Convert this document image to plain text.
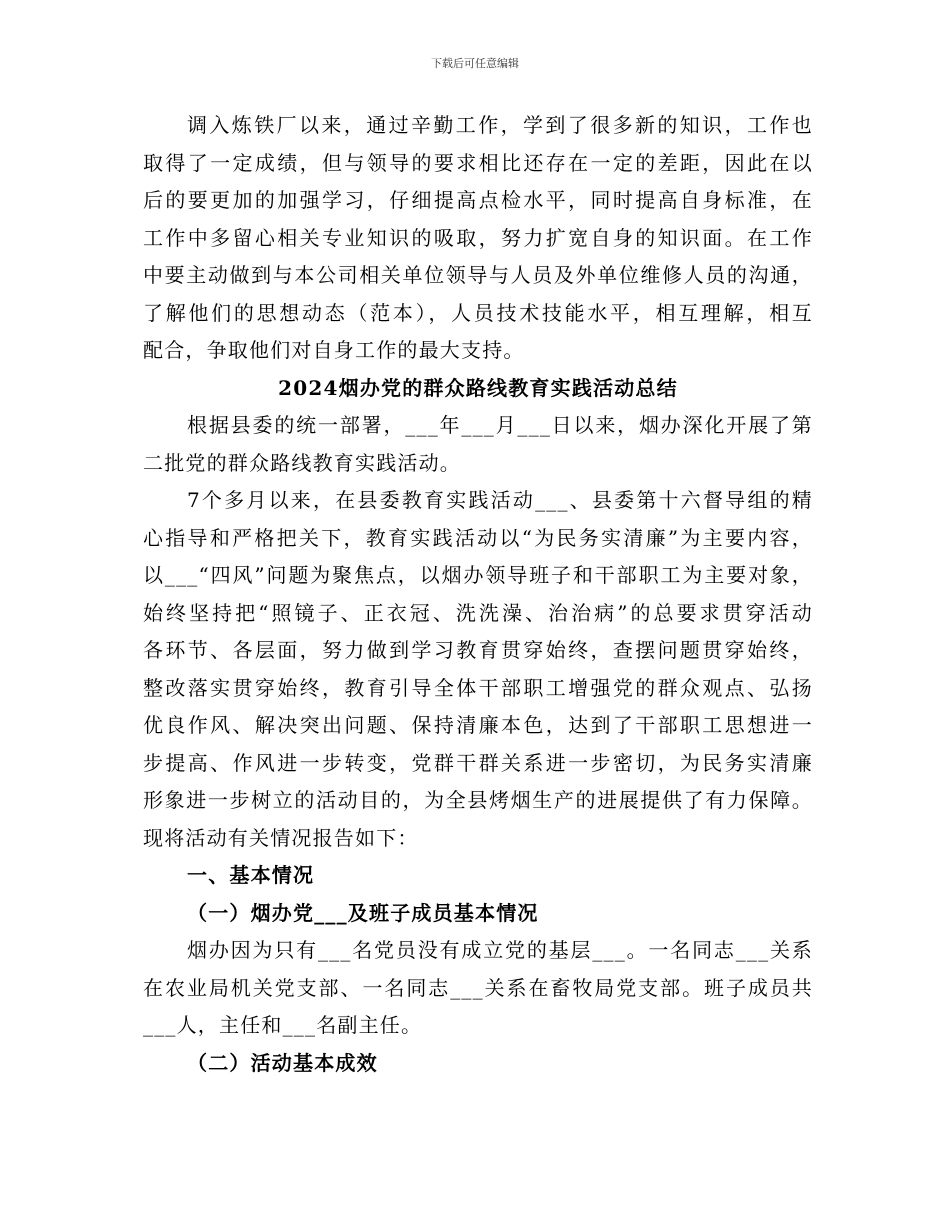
下载后可任意编辑
调入炼铁厂以来，通过辛勤工作，学到了很多新的知识，工作也
取得了一定成绩，但与领导的要求相比还存在一定的差距，因此在以
后的要更加的加强学习，仔细提高点检水平，同时提高自身标准，在
工作中多留心相关专业知识的吸取，努力扩宽自身的知识面。在工作
中要主动做到与本公司相关单位领导与人员及外单位维修人员的沟通，
了解他们的思想动态（范本），人员技术技能水平，相互理解，相互
配合，争取他们对自身工作的最大支持。
2024烟办党的群众路线教育实践活动总结
根据县委的统一部署，___年___月___日以来，烟办深化开展了第
二批党的群众路线教育实践活动。
7个多月以来，在县委教育实践活动___、县委第十六督导组的精
心指导和严格把关下，教育实践活动以“为民务实清廉”为主要内容，
以___“四风”问题为聚焦点，以烟办领导班子和干部职工为主要对象，
始终坚持把“照镜子、正衣冠、洗洗澡、治治病”的总要求贯穿活动
各环节、各层面，努力做到学习教育贯穿始终，查摆问题贯穿始终，
整改落实贯穿始终，教育引导全体干部职工增强党的群众观点、弘扬
优良作风、解决突出问题、保持清廉本色，达到了干部职工思想进一
步提高、作风进一步转变，党群干群关系进一步密切，为民务实清廉
形象进一步树立的活动目的，为全县烤烟生产的进展提供了有力保障。
现将活动有关情况报告如下：
一、基本情况
（一）烟办党___及班子成员基本情况
烟办因为只有___名党员没有成立党的基层___。一名同志___关系
在农业局机关党支部、一名同志___关系在畜牧局党支部。班子成员共
___人，主任和___名副主任。
（二）活动基本成效
